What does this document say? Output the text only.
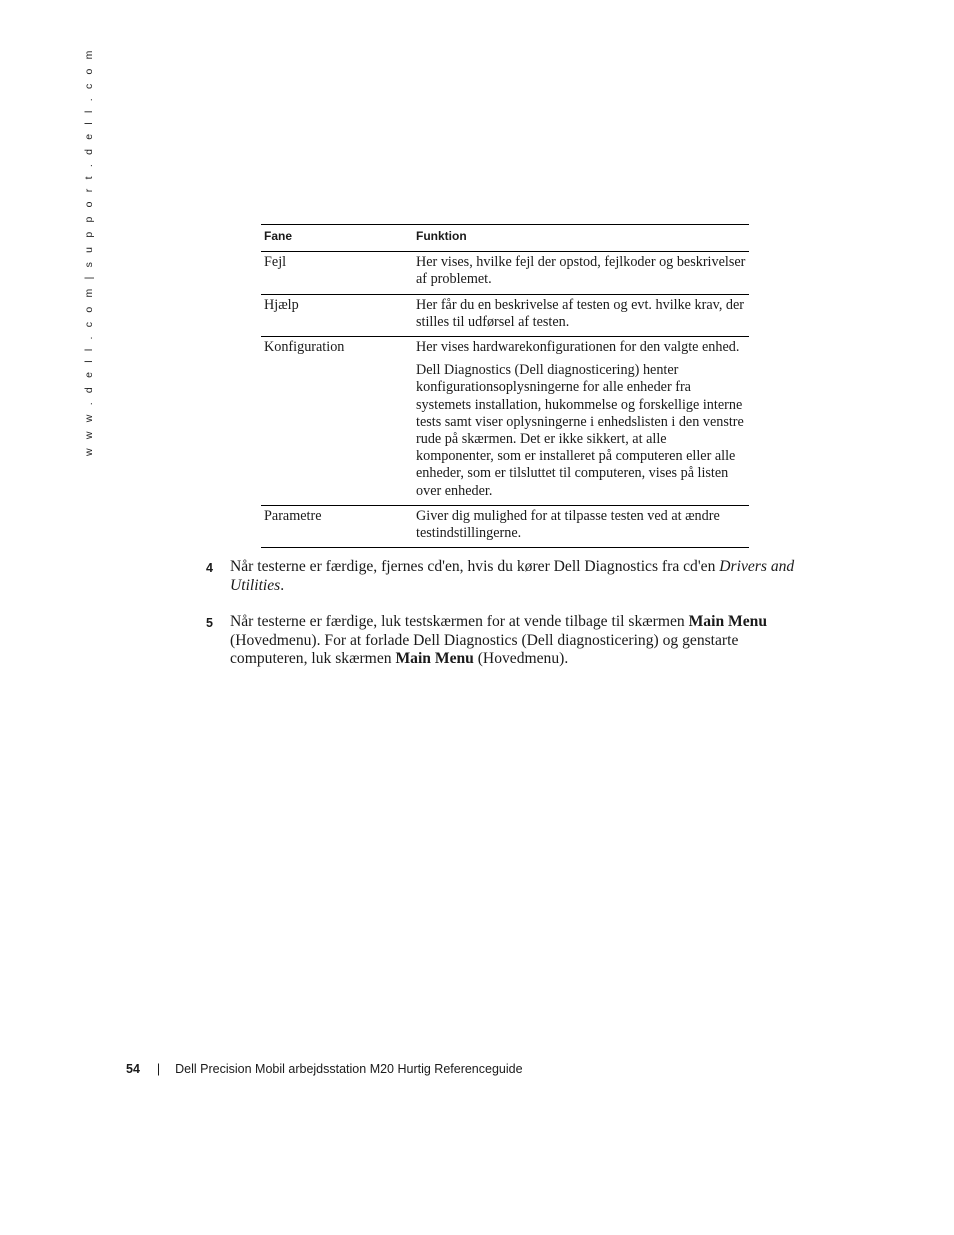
w w w . d e l l . c o m | s u p p o r t . d e l l . c o m	Fane	Funktion
Fejl	Her vises, hvilke fejl der opstod, fejlkoder og beskrivelser af problemet.

Hjælp	Her får du en beskrivelse af testen og evt. hvilke krav, der stilles til udførsel af testen.

Konfiguration	Her vises hardwarekonfigurationen for den valgte enhed.

Dell Diagnostics (Dell diagnosticering) henter konfigurationsoplysningerne for alle enheder fra systemets installation, hukommelse og forskellige interne tests samt viser oplysningerne i enhedslisten i den venstre rude på skærmen. Det er ikke sikkert, at alle komponenter, som er installeret på computeren eller alle enheder, som er tilsluttet til computeren, vises på listen over enheder.

Parametre	Giver dig mulighed for at tilpasse testen ved at ændre testindstillingerne.

4 Når testerne er færdige, fjernes cd'en, hvis du kører Dell Diagnostics fra cd'en Drivers and Utilities.
5 Når testerne er færdige, luk testskærmen for at vende tilbage til skærmen Main Menu (Hovedmenu). For at forlade Dell Diagnostics (Dell diagnosticering) og genstarte computeren, luk skærmen Main Menu (Hovedmenu).
54 | Dell Precision Mobil arbejdsstation M20 Hurtig Referenceguide
